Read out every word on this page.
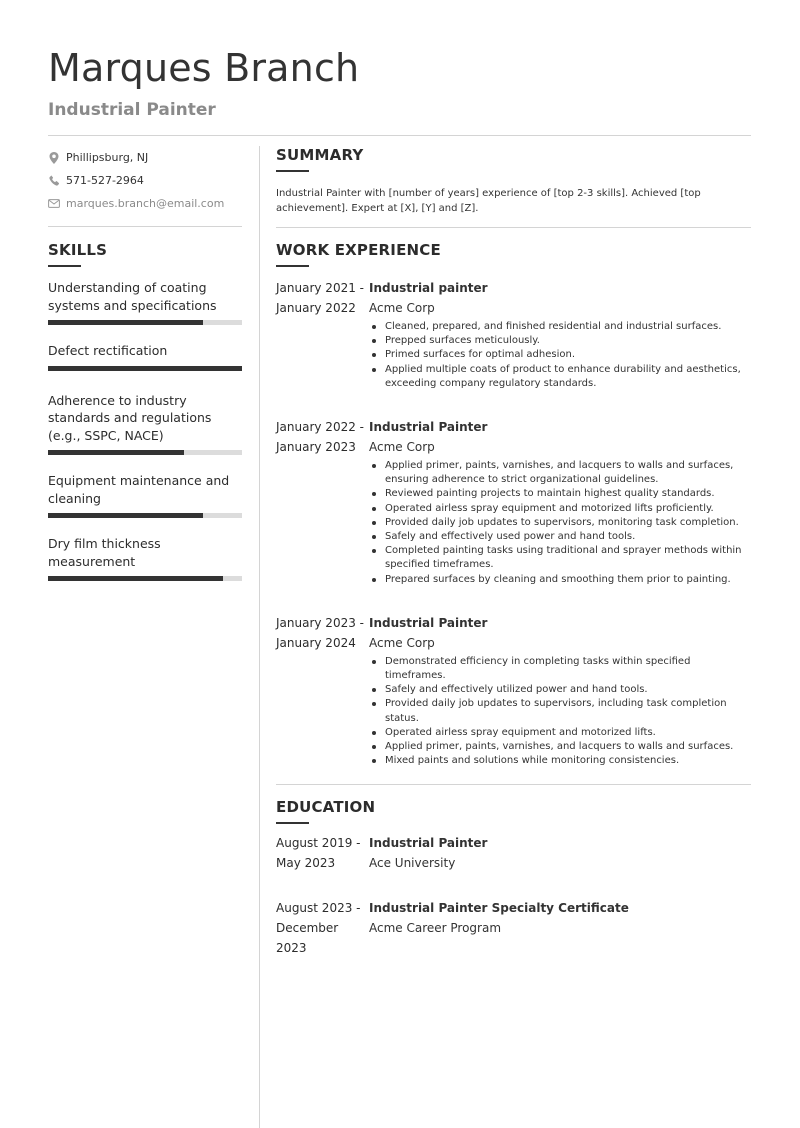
Marques Branch
Industrial Painter
Phillipsburg, NJ
571-527-2964
marques.branch@email.com
SKILLS
Understanding of coating systems and specifications
Defect rectification
Adherence to industry standards and regulations (e.g., SSPC, NACE)
Equipment maintenance and cleaning
Dry film thickness measurement
SUMMARY
Industrial Painter with [number of years] experience of [top 2-3 skills]. Achieved [top achievement]. Expert at [X], [Y] and [Z].
WORK EXPERIENCE
January 2021 -
January 2022
Industrial painter
Acme Corp
Cleaned, prepared, and finished residential and industrial surfaces.
Prepped surfaces meticulously.
Primed surfaces for optimal adhesion.
Applied multiple coats of product to enhance durability and aesthetics, exceeding company regulatory standards.
January 2022 -
January 2023
Industrial Painter
Acme Corp
Applied primer, paints, varnishes, and lacquers to walls and surfaces, ensuring adherence to strict organizational guidelines.
Reviewed painting projects to maintain highest quality standards.
Operated airless spray equipment and motorized lifts proficiently.
Provided daily job updates to supervisors, monitoring task completion.
Safely and effectively used power and hand tools.
Completed painting tasks using traditional and sprayer methods within specified timeframes.
Prepared surfaces by cleaning and smoothing them prior to painting.
January 2023 -
January 2024
Industrial Painter
Acme Corp
Demonstrated efficiency in completing tasks within specified timeframes.
Safely and effectively utilized power and hand tools.
Provided daily job updates to supervisors, including task completion status.
Operated airless spray equipment and motorized lifts.
Applied primer, paints, varnishes, and lacquers to walls and surfaces.
Mixed paints and solutions while monitoring consistencies.
EDUCATION
August 2019 -
May 2023
Industrial Painter
Ace University
August 2023 -
December 2023
Industrial Painter Specialty Certificate
Acme Career Program
